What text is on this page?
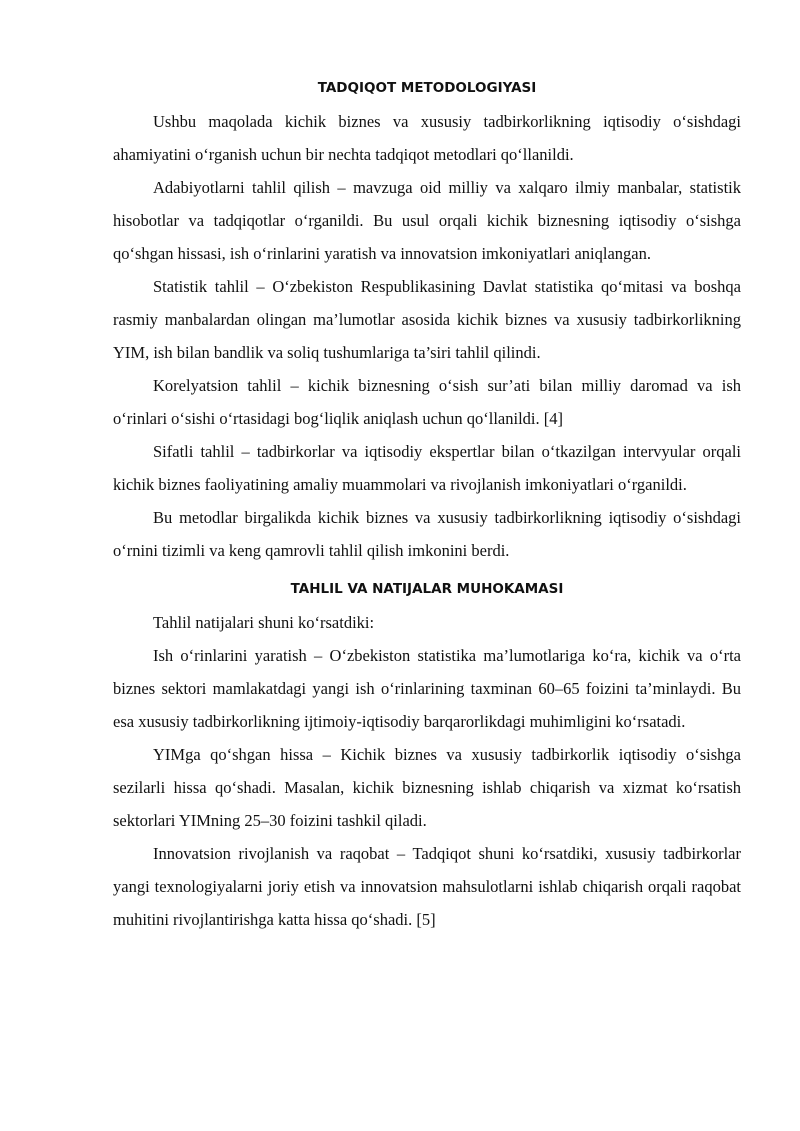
TADQIQOT METODOLOGIYASI

Ushbu maqolada kichik biznes va xususiy tadbirkorlikning iqtisodiy o‘sishdagi ahamiyatini o‘rganish uchun bir nechta tadqiqot metodlari qo‘llanildi.

Adabiyotlarni tahlil qilish – mavzuga oid milliy va xalqaro ilmiy manbalar, statistik hisobotlar va tadqiqotlar o‘rganildi. Bu usul orqali kichik biznesning iqtisodiy o‘sishga qo‘shgan hissasi, ish o‘rinlarini yaratish va innovatsion imkoniyatlari aniqlangan.

Statistik tahlil – O‘zbekiston Respublikasining Davlat statistika qo‘mitasi va boshqa rasmiy manbalardan olingan ma’lumotlar asosida kichik biznes va xususiy tadbirkorlikning YIM, ish bilan bandlik va soliq tushumlariga ta’siri tahlil qilindi.

Korelyatsion tahlil – kichik biznesning o‘sish sur’ati bilan milliy daromad va ish o‘rinlari o‘sishi o‘rtasidagi bog‘liqlik aniqlash uchun qo‘llanildi. [4]

Sifatli tahlil – tadbirkorlar va iqtisodiy ekspertlar bilan o‘tkazilgan intervyular orqali kichik biznes faoliyatining amaliy muammolari va rivojlanish imkoniyatlari o‘rganildi.

Bu metodlar birgalikda kichik biznes va xususiy tadbirkorlikning iqtisodiy o‘sishdagi o‘rnini tizimli va keng qamrovli tahlil qilish imkonini berdi.

TAHLIL VA NATIJALAR MUHOKAMASI

Tahlil natijalari shuni ko‘rsatdiki:

Ish o‘rinlarini yaratish – O‘zbekiston statistika ma’lumotlariga ko‘ra, kichik va o‘rta biznes sektori mamlakatdagi yangi ish o‘rinlarining taxminan 60–65 foizini ta’minlaydi. Bu esa xususiy tadbirkorlikning ijtimoiy-iqtisodiy barqarorlikdagi muhimligini ko‘rsatadi.

YIMga qo‘shgan hissa – Kichik biznes va xususiy tadbirkorlik iqtisodiy o‘sishga sezilarli hissa qo‘shadi. Masalan, kichik biznesning ishlab chiqarish va xizmat ko‘rsatish sektorlari YIMning 25–30 foizini tashkil qiladi.

Innovatsion rivojlanish va raqobat – Tadqiqot shuni ko‘rsatdiki, xususiy tadbirkorlar yangi texnologiyalarni joriy etish va innovatsion mahsulotlarni ishlab chiqarish orqali raqobat muhitini rivojlantirishga katta hissa qo‘shadi. [5]
